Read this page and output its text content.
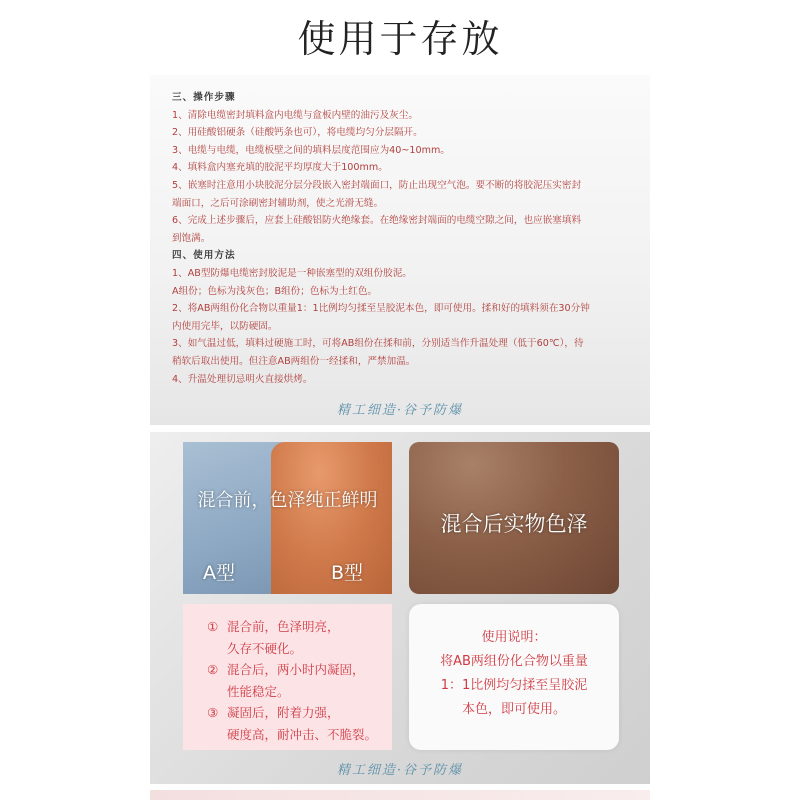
使用于存放
三、操作步骤
1、清除电缆密封填料盒内电缆与盒板内壁的油污及灰尘。
2、用硅酸铝硬条（硅酸钙条也可），将电缆均匀分层隔开。
3、电缆与电缆，电缆板壁之间的填料层度范围应为40~10mm。
4、填料盒内塞充填的胶泥平均厚度大于100mm。
5、嵌塞时注意用小块胶泥分层分段嵌入密封端面口，防止出现空气泡。要不断的将胶泥压实密封
端面口，之后可涂刷密封辅助剂，使之光滑无缝。
6、完成上述步骤后，应套上硅酸铝防火绝缘套。在绝缘密封端面的电缆空隙之间，也应嵌塞填料
到饱满。
四、使用方法
1、AB型防爆电缆密封胶泥是一种嵌塞型的双组份胶泥。
A组份；色标为浅灰色；B组份；色标为土红色。
2、将AB两组份化合物以重量1：1比例均匀揉至呈胶泥本色，即可使用。揉和好的填料须在30分钟
内使用完毕，以防硬固。
3、如气温过低，填料过硬施工时，可将AB组份在揉和前，分别适当作升温处理（低于60℃），待
稍软后取出使用。但注意AB两组份一经揉和，严禁加温。
4、升温处理切忌明火直接烘烤。
精工细造·谷予防爆
混合前，色泽纯正鲜明
A型	B型
混合后实物色泽
① 混合前，色泽明亮，
久存不硬化。
② 混合后，两小时内凝固，
性能稳定。
③ 凝固后，附着力强，
硬度高，耐冲击、不脆裂。
使用说明：
将AB两组份化合物以重量
1：1比例均匀揉至呈胶泥
本色，即可使用。
精工细造·谷予防爆
